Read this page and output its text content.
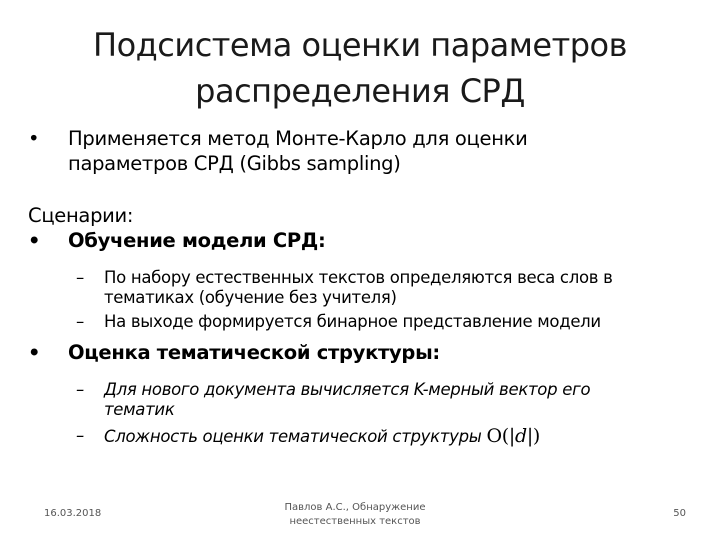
Подсистема оценки параметров
распределения СРД
• Применяется метод Монте-Карло для оценки
параметров СРД (Gibbs sampling)
Сценарии:
• Обучение модели СРД:
– По набору естественных текстов определяются веса слов в
тематиках (обучение без учителя)
– На выходе формируется бинарное представление модели
• Оценка тематической структуры:
– Для нового документа вычисляется K-мерный вектор его
тематик
– Сложность оценки тематической структуры O(|d|)
16.03.2018
Павлов А.С., Обнаружение
неестественных текстов
50
